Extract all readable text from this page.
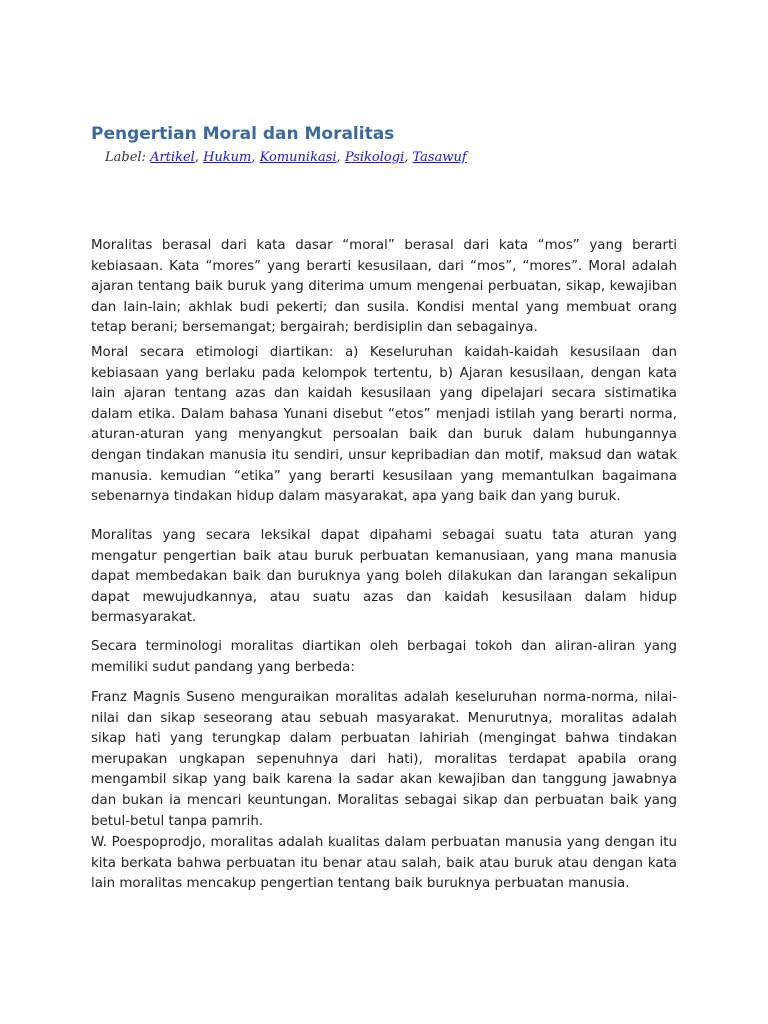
Pengertian Moral dan Moralitas
Label: Artikel, Hukum, Komunikasi, Psikologi, Tasawuf

Moralitas berasal dari kata dasar “moral” berasal dari kata “mos” yang berarti kebiasaan. Kata “mores” yang berarti kesusilaan, dari “mos”, “mores”. Moral adalah ajaran tentang baik buruk yang diterima umum mengenai perbuatan, sikap, kewajiban dan lain-lain; akhlak budi pekerti; dan susila. Kondisi mental yang membuat orang tetap berani; bersemangat; bergairah; berdisiplin dan sebagainya.

Moral secara etimologi diartikan: a) Keseluruhan kaidah-kaidah kesusilaan dan kebiasaan yang berlaku pada kelompok tertentu, b) Ajaran kesusilaan, dengan kata lain ajaran tentang azas dan kaidah kesusilaan yang dipelajari secara sistimatika dalam etika. Dalam bahasa Yunani disebut “etos” menjadi istilah yang berarti norma, aturan-aturan yang menyangkut persoalan baik dan buruk dalam hubungannya dengan tindakan manusia itu sendiri, unsur kepribadian dan motif, maksud dan watak manusia. kemudian “etika” yang berarti kesusilaan yang memantulkan bagaimana sebenarnya tindakan hidup dalam masyarakat, apa yang baik dan yang buruk.

Moralitas yang secara leksikal dapat dipahami sebagai suatu tata aturan yang mengatur pengertian baik atau buruk perbuatan kemanusiaan, yang mana manusia dapat membedakan baik dan buruknya yang boleh dilakukan dan larangan sekalipun dapat mewujudkannya, atau suatu azas dan kaidah kesusilaan dalam hidup bermasyarakat.

Secara terminologi moralitas diartikan oleh berbagai tokoh dan aliran-aliran yang memiliki sudut pandang yang berbeda:

Franz Magnis Suseno menguraikan moralitas adalah keseluruhan norma-norma, nilai-nilai dan sikap seseorang atau sebuah masyarakat. Menurutnya, moralitas adalah sikap hati yang terungkap dalam perbuatan lahiriah (mengingat bahwa tindakan merupakan ungkapan sepenuhnya dari hati), moralitas terdapat apabila orang mengambil sikap yang baik karena Ia sadar akan kewajiban dan tanggung jawabnya dan bukan ia mencari keuntungan. Moralitas sebagai sikap dan perbuatan baik yang betul-betul tanpa pamrih.

W. Poespoprodjo, moralitas adalah kualitas dalam perbuatan manusia yang dengan itu kita berkata bahwa perbuatan itu benar atau salah, baik atau buruk atau dengan kata lain moralitas mencakup pengertian tentang baik buruknya perbuatan manusia.
